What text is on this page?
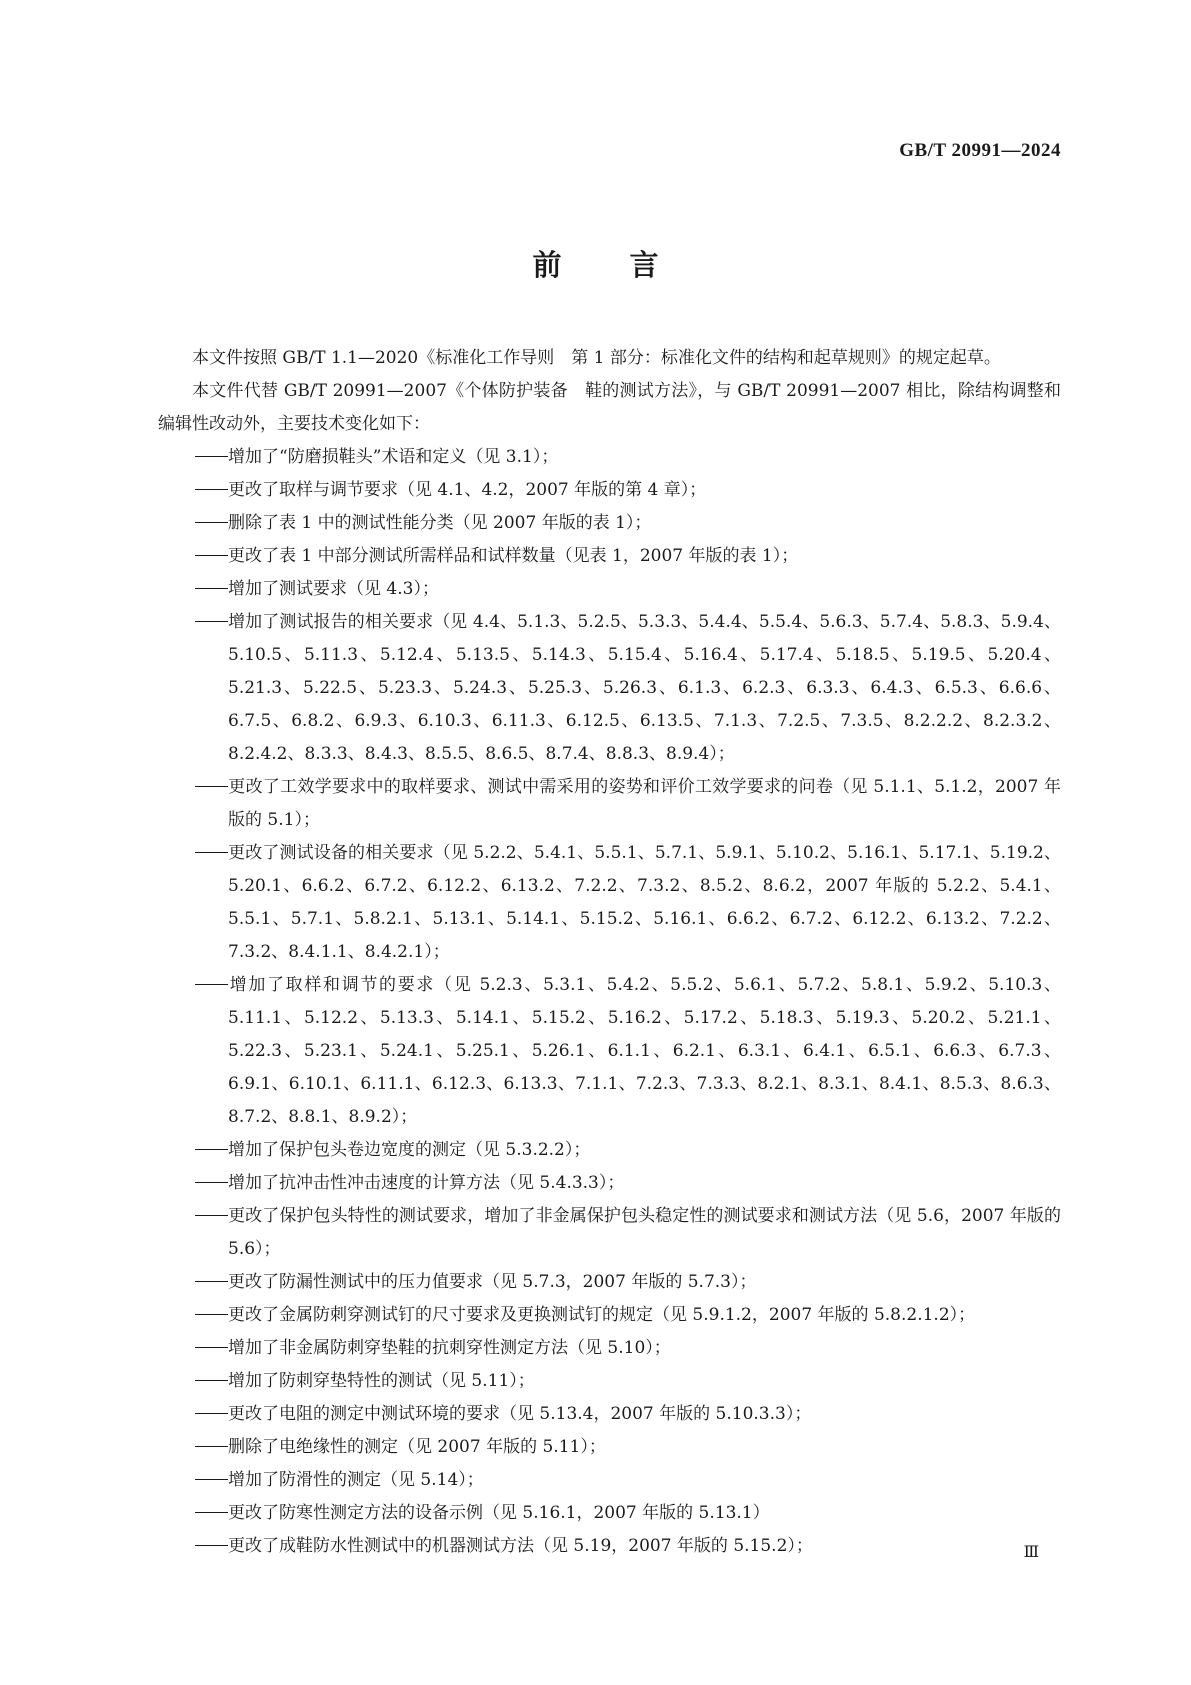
GB/T 20991—2024
前 言

本文件按照 GB/T 1.1—2020《标准化工作导则　第 1 部分：标准化文件的结构和起草规则》的规定起草。

本文件代替 GB/T 20991—2007《个体防护装备　鞋的测试方法》，与 GB/T 20991—2007 相比，除结构调整和编辑性改动外，主要技术变化如下：

增加了“防磨损鞋头”术语和定义（见 3.1）；

更改了取样与调节要求（见 4.1、4.2，2007 年版的第 4 章）；

删除了表 1 中的测试性能分类（见 2007 年版的表 1）；

更改了表 1 中部分测试所需样品和试样数量（见表 1，2007 年版的表 1）；

增加了测试要求（见 4.3）；

增加了测试报告的相关要求（见 4.4、5.1.3、5.2.5、5.3.3、5.4.4、5.5.4、5.6.3、5.7.4、5.8.3、5.9.4、5.10.5、5.11.3、5.12.4、5.13.5、5.14.3、5.15.4、5.16.4、5.17.4、5.18.5、5.19.5、5.20.4、5.21.3、5.22.5、5.23.3、5.24.3、5.25.3、5.26.3、6.1.3、6.2.3、6.3.3、6.4.3、6.5.3、6.6.6、6.7.5、6.8.2、6.9.3、6.10.3、6.11.3、6.12.5、6.13.5、7.1.3、7.2.5、7.3.5、8.2.2.2、8.2.3.2、8.2.4.2、8.3.3、8.4.3、8.5.5、8.6.5、8.7.4、8.8.3、8.9.4）；

更改了工效学要求中的取样要求、测试中需采用的姿势和评价工效学要求的问卷（见 5.1.1、5.1.2，2007 年版的 5.1）；

更改了测试设备的相关要求（见 5.2.2、5.4.1、5.5.1、5.7.1、5.9.1、5.10.2、5.16.1、5.17.1、5.19.2、5.20.1、6.6.2、6.7.2、6.12.2、6.13.2、7.2.2、7.3.2、8.5.2、8.6.2，2007 年版的 5.2.2、5.4.1、5.5.1、5.7.1、5.8.2.1、5.13.1、5.14.1、5.15.2、5.16.1、6.6.2、6.7.2、6.12.2、6.13.2、7.2.2、7.3.2、8.4.1.1、8.4.2.1）；

增加了取样和调节的要求（见 5.2.3、5.3.1、5.4.2、5.5.2、5.6.1、5.7.2、5.8.1、5.9.2、5.10.3、5.11.1、5.12.2、5.13.3、5.14.1、5.15.2、5.16.2、5.17.2、5.18.3、5.19.3、5.20.2、5.21.1、5.22.3、5.23.1、5.24.1、5.25.1、5.26.1、6.1.1、6.2.1、6.3.1、6.4.1、6.5.1、6.6.3、6.7.3、6.9.1、6.10.1、6.11.1、6.12.3、6.13.3、7.1.1、7.2.3、7.3.3、8.2.1、8.3.1、8.4.1、8.5.3、8.6.3、8.7.2、8.8.1、8.9.2）；

增加了保护包头卷边宽度的测定（见 5.3.2.2）；

增加了抗冲击性冲击速度的计算方法（见 5.4.3.3）；

更改了保护包头特性的测试要求，增加了非金属保护包头稳定性的测试要求和测试方法（见 5.6，2007 年版的 5.6）；

更改了防漏性测试中的压力值要求（见 5.7.3，2007 年版的 5.7.3）；

更改了金属防刺穿测试钉的尺寸要求及更换测试钉的规定（见 5.9.1.2，2007 年版的 5.8.2.1.2）；

增加了非金属防刺穿垫鞋的抗刺穿性测定方法（见 5.10）；

增加了防刺穿垫特性的测试（见 5.11）；

更改了电阻的测定中测试环境的要求（见 5.13.4，2007 年版的 5.10.3.3）；

删除了电绝缘性的测定（见 2007 年版的 5.11）；

增加了防滑性的测定（见 5.14）；

更改了防寒性测定方法的设备示例（见 5.16.1，2007 年版的 5.13.1）

更改了成鞋防水性测试中的机器测试方法（见 5.19，2007 年版的 5.15.2）；	Ⅲ
